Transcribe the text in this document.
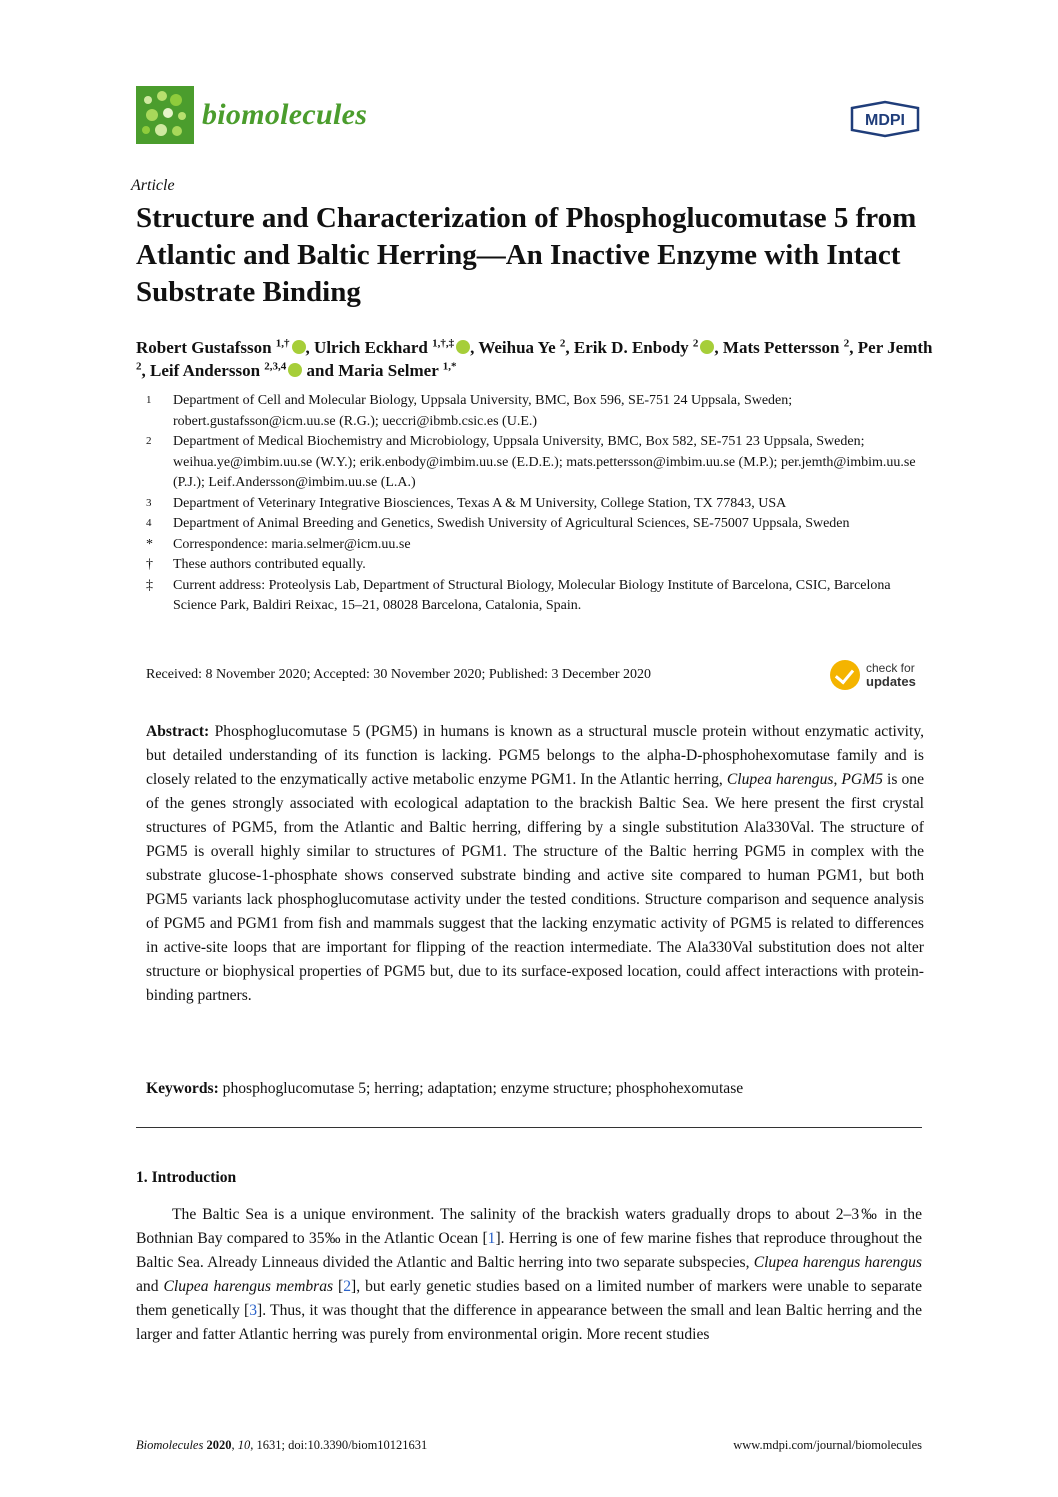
biomolecules	MDPI
Article
Structure and Characterization of Phosphoglucomutase 5 from Atlantic and Baltic Herring—An Inactive Enzyme with Intact Substrate Binding
Robert Gustafsson $^{1,\dagger}$ , Ulrich Eckhard $^{1,\dagger,\ddagger}$ , Weihua Ye $^2$, Erik D. Enbody $^2$ , Mats Pettersson $^2$, Per Jemth $^2$, Leif Andersson $^{2,3,4}$ and Maria Selmer $^{1,*}$
1	Department of Cell and Molecular Biology, Uppsala University, BMC, Box 596, SE-751 24 Uppsala, Sweden; robert.gustafsson@icm.uu.se (R.G.); ueccri@ibmb.csic.es (U.E.)
2	Department of Medical Biochemistry and Microbiology, Uppsala University, BMC, Box 582, SE-751 23 Uppsala, Sweden; weihua.ye@imbim.uu.se (W.Y.); erik.enbody@imbim.uu.se (E.D.E.); mats.pettersson@imbim.uu.se (M.P.); per.jemth@imbim.uu.se (P.J.); Leif.Andersson@imbim.uu.se (L.A.)
3	Department of Veterinary Integrative Biosciences, Texas A & M University, College Station, TX 77843, USA
4	Department of Animal Breeding and Genetics, Swedish University of Agricultural Sciences, SE-75007 Uppsala, Sweden
*	Correspondence: maria.selmer@icm.uu.se
†	These authors contributed equally.
‡	Current address: Proteolysis Lab, Department of Structural Biology, Molecular Biology Institute of Barcelona, CSIC, Barcelona Science Park, Baldiri Reixac, 15–21, 08028 Barcelona, Catalonia, Spain.
Received: 8 November 2020; Accepted: 30 November 2020; Published: 3 December 2020	check for
updates
Abstract: Phosphoglucomutase 5 (PGM5) in humans is known as a structural muscle protein without enzymatic activity, but detailed understanding of its function is lacking. PGM5 belongs to the alpha-D-phosphohexomutase family and is closely related to the enzymatically active metabolic enzyme PGM1. In the Atlantic herring, Clupea harengus, PGM5 is one of the genes strongly associated with ecological adaptation to the brackish Baltic Sea. We here present the first crystal structures of PGM5, from the Atlantic and Baltic herring, differing by a single substitution Ala330Val. The structure of PGM5 is overall highly similar to structures of PGM1. The structure of the Baltic herring PGM5 in complex with the substrate glucose-1-phosphate shows conserved substrate binding and active site compared to human PGM1, but both PGM5 variants lack phosphoglucomutase activity under the tested conditions. Structure comparison and sequence analysis of PGM5 and PGM1 from fish and mammals suggest that the lacking enzymatic activity of PGM5 is related to differences in active-site loops that are important for flipping of the reaction intermediate. The Ala330Val substitution does not alter structure or biophysical properties of PGM5 but, due to its surface-exposed location, could affect interactions with protein-binding partners.
Keywords: phosphoglucomutase 5; herring; adaptation; enzyme structure; phosphohexomutase
1. Introduction
The Baltic Sea is a unique environment. The salinity of the brackish waters gradually drops to about 2–3‰ in the Bothnian Bay compared to 35‰ in the Atlantic Ocean [1]. Herring is one of few marine fishes that reproduce throughout the Baltic Sea. Already Linneaus divided the Atlantic and Baltic herring into two separate subspecies, Clupea harengus harengus and Clupea harengus membras [2], but early genetic studies based on a limited number of markers were unable to separate them genetically [3]. Thus, it was thought that the difference in appearance between the small and lean Baltic herring and the larger and fatter Atlantic herring was purely from environmental origin. More recent studies
Biomolecules 2020, 10, 1631; doi:10.3390/biom10121631	www.mdpi.com/journal/biomolecules
